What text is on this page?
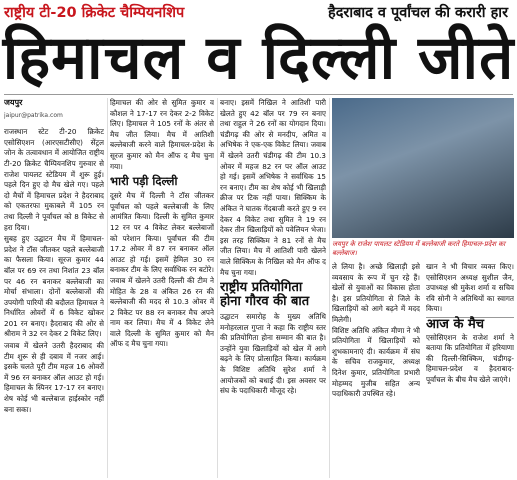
राष्ट्रीय टी-20 क्रिकेट चैम्पियनशिप	हैदराबाद व पूर्वांचल की करारी हार
हिमाचल व दिल्ली जीते
जयपुर
jaipur@patrika.com

राजस्थान स्टेट टी-20 क्रिकेट एसोसिएशन (आरएसटीसीए) सेंट्रल जोन के तत्वावधान में आयोजित राष्ट्रीय टी-20 क्रिकेट चैम्पियनशिप गुरुवार से राजेश पायलट स्टेडियम में शुरू हुई। पहले दिन हुए दो मैच खेले गए। पहले दो मैचों में हिमाचल प्रदेश ने हैदराबाद को एकतरफा मुकाबले में 105 रन तथा दिल्ली ने पूर्वांचल को 8 विकेट से हरा दिया।

सुबह हुए उद्घाटन मैच में हिमाचल-प्रदेश ने टॉस जीतकर पहले बल्लेबाजी का फैसला किया। सूरज कुमार 44 बॉल पर 69 रन तथा निशांत 23 बॉल पर 46 रन बनाकर बल्लेबाजी का मोर्चा संभाला। दोनों बल्लेबाजों की उपयोगी पारियों की बदौलत हिमाचल ने निर्धारित ओवरों में 6 विकेट खोकर 201 रन बनाए। हैदराबाद की ओर से श्रीराम ने 32 रन देकर 2 विकेट लिए।

जवाब में खेलने उतरी हैदराबाद की टीम शुरू से ही दबाव में नजर आई। इसके चलते पूरी टीम महज 16 ओवरों में 96 रन बनाकर ऑल आउट हो गई। हिमाचल के स्पिनर 17-17 रन बनाए। शेष कोई भी बल्लेबाज हाईस्कोर नहीं बना सका।

हिमाचल की ओर से सुमित कुमार व कौशल ने 17-17 रन देकर 2-2 विकेट लिए। हिमाचल ने 105 रनों के अंतर से मैच जीत लिया। मैच में आतिशी बल्लेबाजी करने वाले हिमाचल-प्रदेश के सूरज कुमार को मैन ऑफ द मैच चुना गया।

भारी पड़ी दिल्ली

दूसरे मैच में दिल्ली ने टॉस जीतकर पूर्वांचल को पहले बल्लेबाजी के लिए आमंत्रित किया। दिल्ली के सुमित कुमार 12 रन पर 4 विकेट लेकर बल्लेबाजों को परेशान किया। पूर्वांचल की टीम 17.2 ओवर में 87 रन बनाकर ऑल आउट हो गई। इसमें हेमिल 30 रन बनाकर टीम के लिए सर्वाधिक रन बटोरे। जवाब में खेलने उतरी दिल्ली की टीम ने मोहित के 28 व अंकित 26 रन की बल्लेबाजी की मदद से 10.3 ओवर में 2 विकेट पर 88 रन बनाकर मैच अपने नाम कर लिया। मैच में 4 विकेट लेने वाले दिल्ली के सुमित कुमार को मैन ऑफ द मैच चुना गया।

बनाए। इसमें निखिल ने आतिशी पारी खेलते हुए 42 बॉल पर 79 रन बनाए तथा राहुल ने 26 रनों का योगदान दिया। चंडीगढ़ की ओर से मनदीप, अमित व अभिषेक ने एक-एक विकेट लिया। जवाब में खेलने उतरी चंडीगढ़ की टीम 10.3 ओवर में महज 82 रन पर ऑल आउट हो गई। इसमें अभिषेक ने सर्वाधिक 15 रन बनाए। टीम का शेष कोई भी खिलाड़ी क्रीज पर टिक नहीं पाया। सिक्किम के अंकित ने घातक गेंदबाजी करते हुए 9 रन देकर 4 विकेट तथा सुमित ने 19 रन देकर तीन खिलाड़ियों को पवेलियन भेजा। इस तरह सिक्किम ने 81 रनों से मैच जीत लिया। मैच में आतिशी पारी खेलने वाले सिक्किम के निखिल को मैन ऑफ द मैच चुना गया।

राष्ट्रीय प्रतियोगिता होना गौरव की बात

उद्घाटन समारोह के मुख्य अतिथि मनोहरलाल गुप्ता ने कहा कि राष्ट्रीय स्तर की प्रतियोगिता होना सम्मान की बात है। उन्होंने युवा खिलाड़ियों को खेल में आगे बढ़ने के लिए प्रोत्साहित किया। कार्यक्रम के विशिष्ट अतिथि सुरेश शर्मा ने आयोजकों को बधाई दी। इस अवसर पर संघ के पदाधिकारी मौजूद रहे।

जयपुर के राजेश पायलट स्टेडियम में बल्लेबाजी करते हिमाचल-प्रदेश का बल्लेबाज।

ले लिया है। अच्छे खिलाड़ी इसे व्यवसाय के रूप में चुन रहे हैं। खेलों से युवाओं का विकास होता है। इस प्रतियोगिता से जिले के खिलाड़ियों को आगे बढ़ने में मदद मिलेगी।

विशिष्ट अतिथि अंकित मीणा ने भी प्रतियोगिता में खिलाड़ियों को शुभकामनाएं दी। कार्यक्रम में संघ के सचिव राजकुमार, अध्यक्ष दिनेश कुमार, प्रतियोगिता प्रभारी मोहम्मद मुजीब सहित अन्य पदाधिकारी उपस्थित रहे।

खान ने भी विचार व्यक्त किए। एसोसिएशन अध्यक्ष सुशील जैन, उपाध्यक्ष श्री मुकेश शर्मा व सचिव रवि सोनी ने अतिथियों का स्वागत किया।

आज के मैच

एसोसिएशन के राजेश शर्मा ने बताया कि प्रतियोगिता में हरियाणा की दिल्ली-सिक्किम, चंडीगढ़-हिमाचल-प्रदेश व हैदराबाद-पूर्वांचल के बीच मैच खेले जाएंगे।
